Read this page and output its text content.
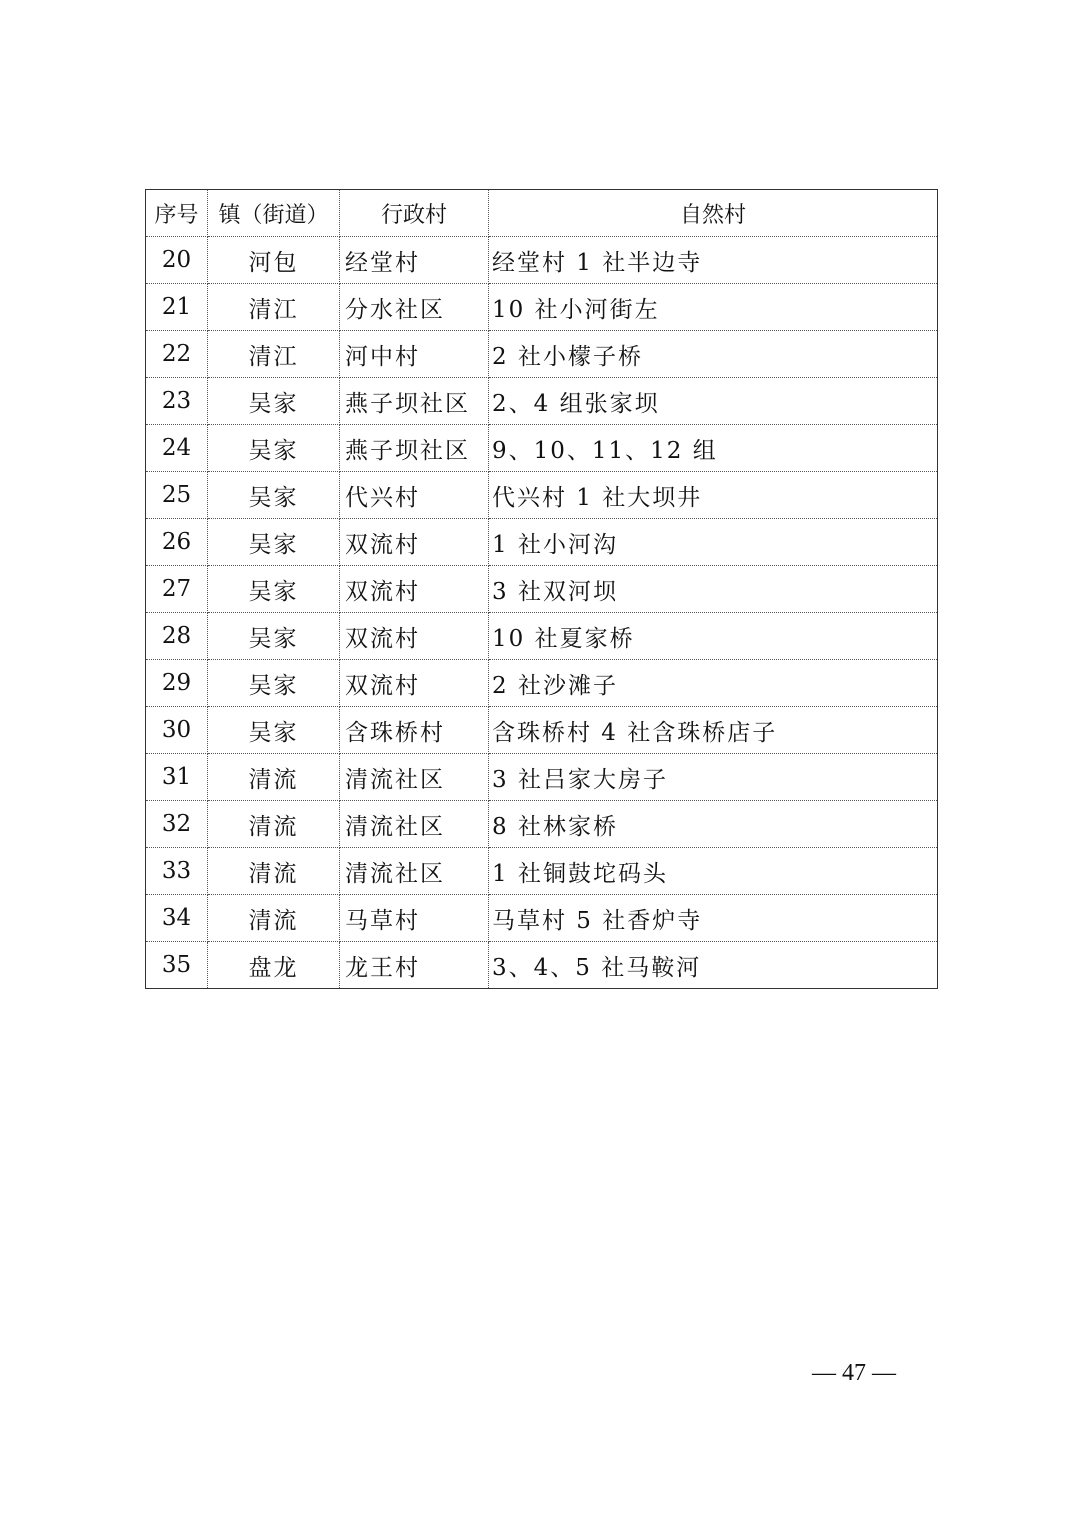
序号	镇（街道）	行政村	自然村
20	河包	经堂村	经堂村 1 社半边寺
21	清江	分水社区	10 社小河街左
22	清江	河中村	2 社小檬子桥
23	吴家	燕子坝社区	2、4 组张家坝
24	吴家	燕子坝社区	9、10、11、12 组
25	吴家	代兴村	代兴村 1 社大坝井
26	吴家	双流村	1 社小河沟
27	吴家	双流村	3 社双河坝
28	吴家	双流村	10 社夏家桥
29	吴家	双流村	2 社沙滩子
30	吴家	含珠桥村	含珠桥村 4 社含珠桥店子
31	清流	清流社区	3 社吕家大房子
32	清流	清流社区	8 社林家桥
33	清流	清流社区	1 社铜鼓坨码头
34	清流	马草村	马草村 5 社香炉寺
35	盘龙	龙王村	3、4、5 社马鞍河
— 47 —
